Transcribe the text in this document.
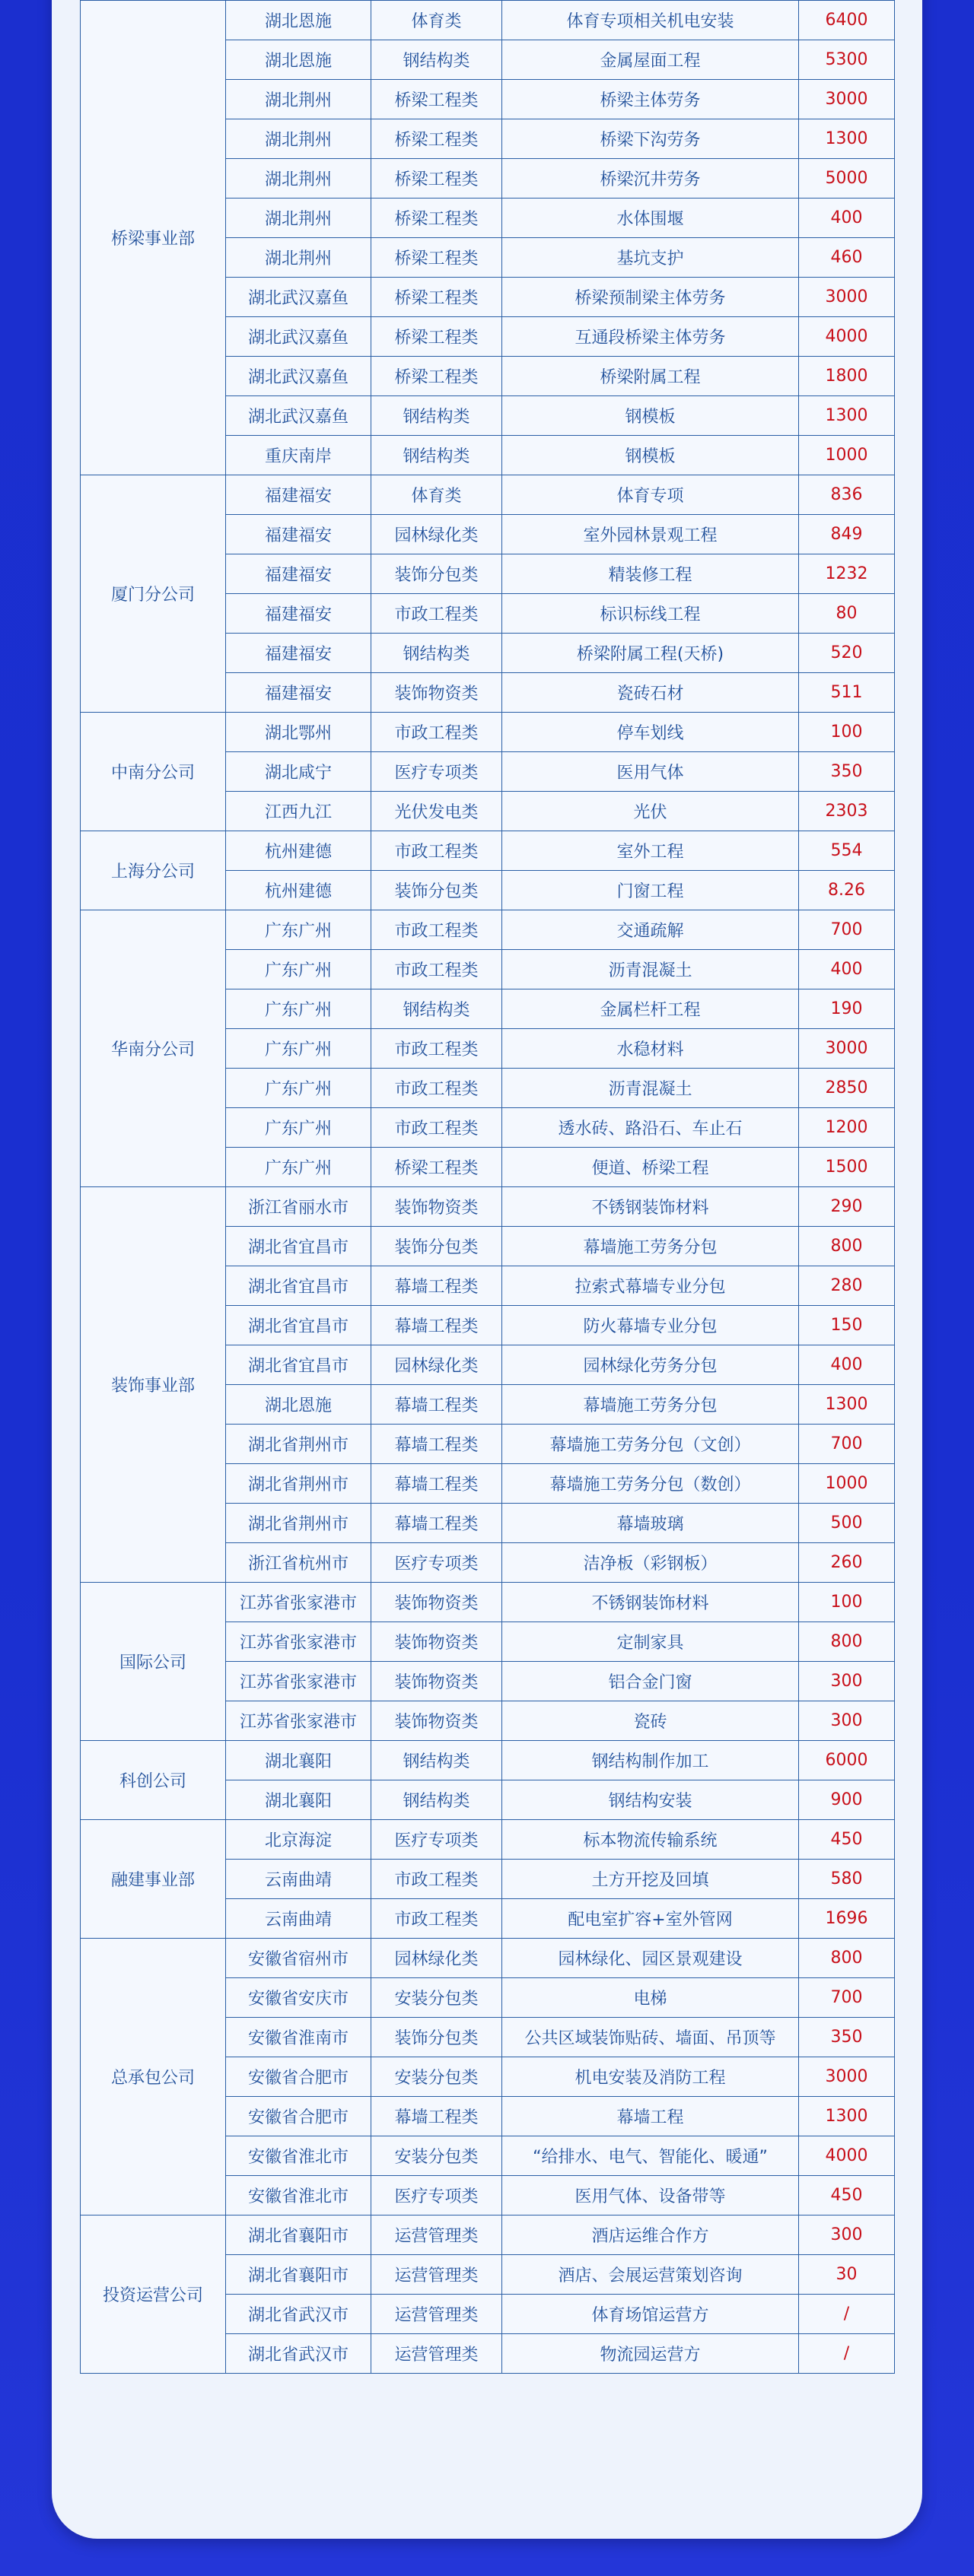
桥梁事业部	湖北恩施	体育类	体育专项相关机电安装	6400
	湖北恩施	钢结构类	金属屋面工程	5300
	湖北荆州	桥梁工程类	桥梁主体劳务	3000
	湖北荆州	桥梁工程类	桥梁下沟劳务	1300
	湖北荆州	桥梁工程类	桥梁沉井劳务	5000
	湖北荆州	桥梁工程类	水体围堰	400
	湖北荆州	桥梁工程类	基坑支护	460
	湖北武汉嘉鱼	桥梁工程类	桥梁预制梁主体劳务	3000
	湖北武汉嘉鱼	桥梁工程类	互通段桥梁主体劳务	4000
	湖北武汉嘉鱼	桥梁工程类	桥梁附属工程	1800
	湖北武汉嘉鱼	钢结构类	钢模板	1300
	重庆南岸	钢结构类	钢模板	1000
厦门分公司	福建福安	体育类	体育专项	836
	福建福安	园林绿化类	室外园林景观工程	849
	福建福安	装饰分包类	精装修工程	1232
	福建福安	市政工程类	标识标线工程	80
	福建福安	钢结构类	桥梁附属工程(天桥)	520
	福建福安	装饰物资类	瓷砖石材	511
中南分公司	湖北鄂州	市政工程类	停车划线	100
	湖北咸宁	医疗专项类	医用气体	350
	江西九江	光伏发电类	光伏	2303
上海分公司	杭州建德	市政工程类	室外工程	554
	杭州建德	装饰分包类	门窗工程	8.26
华南分公司	广东广州	市政工程类	交通疏解	700
	广东广州	市政工程类	沥青混凝土	400
	广东广州	钢结构类	金属栏杆工程	190
	广东广州	市政工程类	水稳材料	3000
	广东广州	市政工程类	沥青混凝土	2850
	广东广州	市政工程类	透水砖、路沿石、车止石	1200
	广东广州	桥梁工程类	便道、桥梁工程	1500
装饰事业部	浙江省丽水市	装饰物资类	不锈钢装饰材料	290
	湖北省宜昌市	装饰分包类	幕墙施工劳务分包	800
	湖北省宜昌市	幕墙工程类	拉索式幕墙专业分包	280
	湖北省宜昌市	幕墙工程类	防火幕墙专业分包	150
	湖北省宜昌市	园林绿化类	园林绿化劳务分包	400
	湖北恩施	幕墙工程类	幕墙施工劳务分包	1300
	湖北省荆州市	幕墙工程类	幕墙施工劳务分包（文创）	700
	湖北省荆州市	幕墙工程类	幕墙施工劳务分包（数创）	1000
	湖北省荆州市	幕墙工程类	幕墙玻璃	500
	浙江省杭州市	医疗专项类	洁净板（彩钢板）	260
国际公司	江苏省张家港市	装饰物资类	不锈钢装饰材料	100
	江苏省张家港市	装饰物资类	定制家具	800
	江苏省张家港市	装饰物资类	铝合金门窗	300
	江苏省张家港市	装饰物资类	瓷砖	300
科创公司	湖北襄阳	钢结构类	钢结构制作加工	6000
	湖北襄阳	钢结构类	钢结构安装	900
融建事业部	北京海淀	医疗专项类	标本物流传输系统	450
	云南曲靖	市政工程类	土方开挖及回填	580
	云南曲靖	市政工程类	配电室扩容+室外管网	1696
总承包公司	安徽省宿州市	园林绿化类	园林绿化、园区景观建设	800
	安徽省安庆市	安装分包类	电梯	700
	安徽省淮南市	装饰分包类	公共区域装饰贴砖、墙面、吊顶等	350
	安徽省合肥市	安装分包类	机电安装及消防工程	3000
	安徽省合肥市	幕墙工程类	幕墙工程	1300
	安徽省淮北市	安装分包类	“给排水、电气、智能化、暖通”	4000
	安徽省淮北市	医疗专项类	医用气体、设备带等	450
投资运营公司	湖北省襄阳市	运营管理类	酒店运维合作方	300
	湖北省襄阳市	运营管理类	酒店、会展运营策划咨询	30
	湖北省武汉市	运营管理类	体育场馆运营方	/
	湖北省武汉市	运营管理类	物流园运营方	/
